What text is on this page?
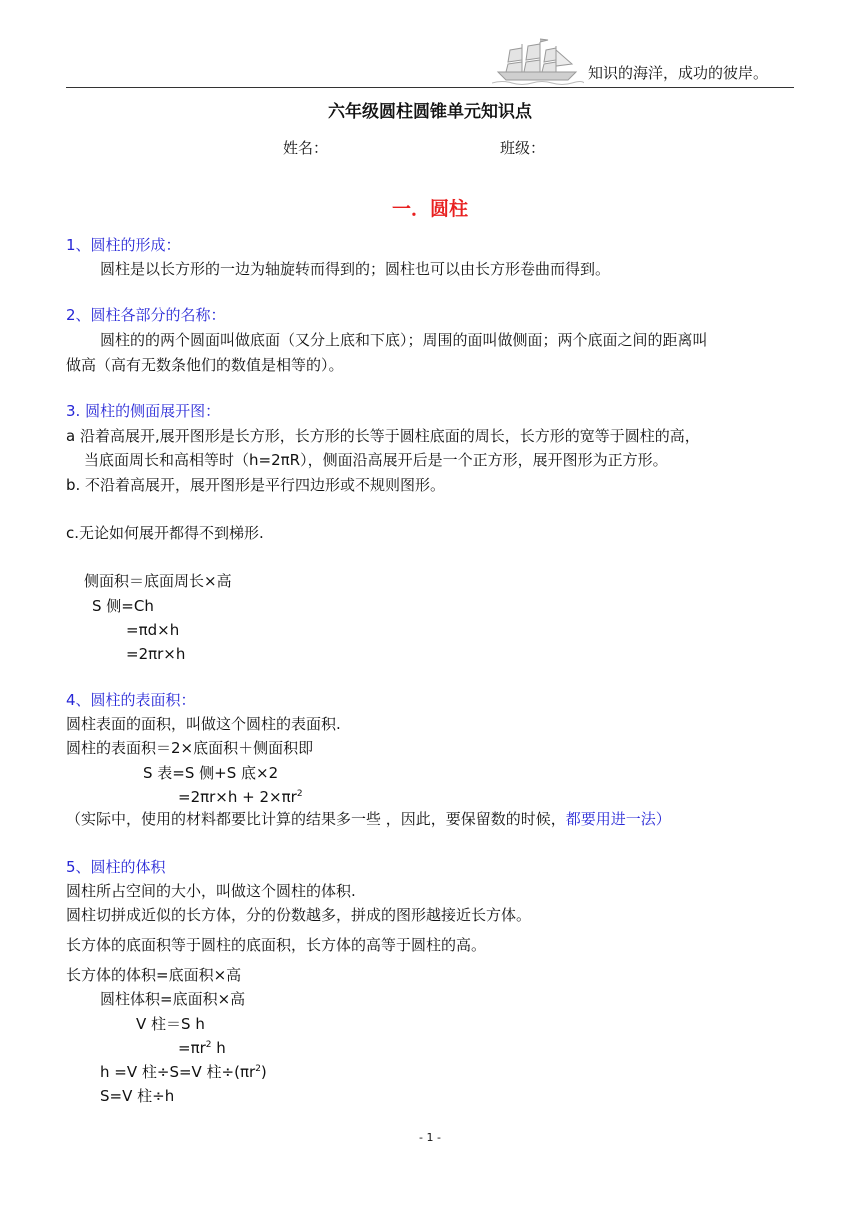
知识的海洋，成功的彼岸。
六年级圆柱圆锥单元知识点
姓名：	班级：
一．圆柱
1、圆柱的形成：
圆柱是以长方形的一边为轴旋转而得到的；圆柱也可以由长方形卷曲而得到。
2、圆柱各部分的名称：
圆柱的的两个圆面叫做底面（又分上底和下底）；周围的面叫做侧面；两个底面之间的距离叫
做高（高有无数条他们的数值是相等的）。
3. 圆柱的侧面展开图：
a 沿着高展开,展开图形是长方形，长方形的长等于圆柱底面的周长，长方形的宽等于圆柱的高，
当底面周长和高相等时（h=2πR），侧面沿高展开后是一个正方形，展开图形为正方形。
b. 不沿着高展开，展开图形是平行四边形或不规则图形。
c.无论如何展开都得不到梯形.
侧面积＝底面周长×高
S 侧=Ch
=πd×h
=2πr×h
4、圆柱的表面积：
圆柱表面的面积，叫做这个圆柱的表面积.
圆柱的表面积＝2×底面积＋侧面积即
S 表=S 侧+S 底×2
$=2\pi r\times h + 2\times\pi r^2$
（实际中，使用的材料都要比计算的结果多一些 ，因此，要保留数的时候，都要用进一法）
5、圆柱的体积
圆柱所占空间的大小，叫做这个圆柱的体积.
圆柱切拼成近似的长方体，分的份数越多，拼成的图形越接近长方体。
长方体的底面积等于圆柱的底面积，长方体的高等于圆柱的高。
长方体的体积=底面积×高
圆柱体积=底面积×高
V 柱＝S h
$=\pi r^2$ h
h =V 柱÷S=V 柱$\div(\pi r^2)$
S=V 柱÷h
- 1 -
